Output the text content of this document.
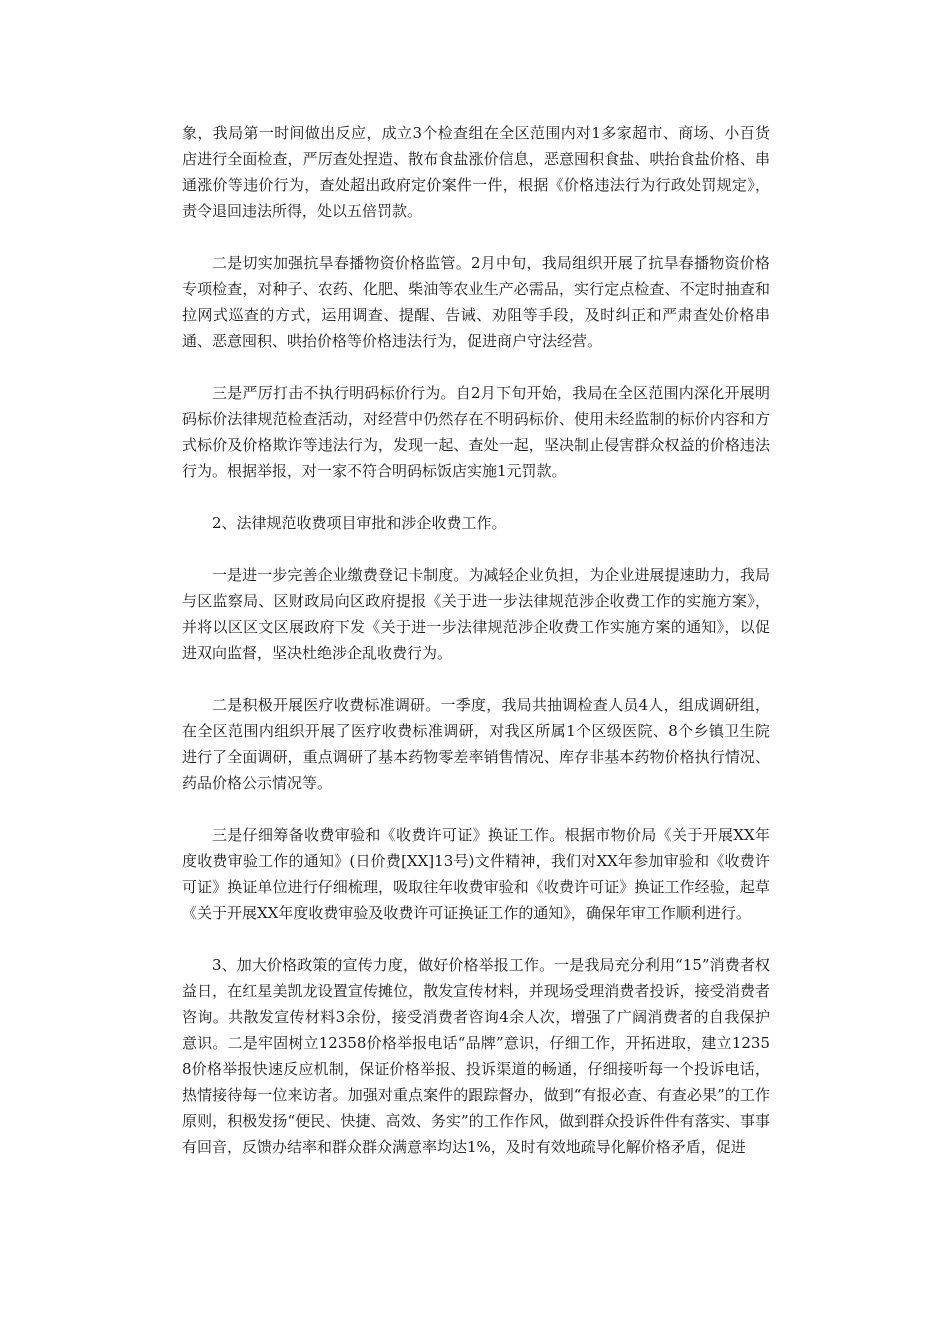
象，我局第一时间做出反应，成立3个检查组在全区范围内对1多家超市、商场、小百货店进行全面检查，严厉查处捏造、散布食盐涨价信息，恶意囤积食盐、哄抬食盐价格、串通涨价等违价行为，查处超出政府定价案件一件，根据《价格违法行为行政处罚规定》，责令退回违法所得，处以五倍罚款。

二是切实加强抗旱春播物资价格监管。2月中旬，我局组织开展了抗旱春播物资价格专项检查，对种子、农药、化肥、柴油等农业生产必需品，实行定点检查、不定时抽查和拉网式巡查的方式，运用调查、提醒、告诫、劝阻等手段，及时纠正和严肃查处价格串通、恶意囤积、哄抬价格等价格违法行为，促进商户守法经营。

三是严厉打击不执行明码标价行为。自2月下旬开始，我局在全区范围内深化开展明码标价法律规范检查活动，对经营中仍然存在不明码标价、使用未经监制的标价内容和方式标价及价格欺诈等违法行为，发现一起、查处一起，坚决制止侵害群众权益的价格违法行为。根据举报，对一家不符合明码标饭店实施1元罚款。

2、法律规范收费项目审批和涉企收费工作。

一是进一步完善企业缴费登记卡制度。为减轻企业负担，为企业进展提速助力，我局与区监察局、区财政局向区政府提报《关于进一步法律规范涉企收费工作的实施方案》，并将以区区文区展政府下发《关于进一步法律规范涉企收费工作实施方案的通知》，以促进双向监督，坚决杜绝涉企乱收费行为。

二是积极开展医疗收费标准调研。一季度，我局共抽调检查人员4人，组成调研组，在全区范围内组织开展了医疗收费标准调研，对我区所属1个区级医院、8个乡镇卫生院进行了全面调研，重点调研了基本药物零差率销售情况、库存非基本药物价格执行情况、药品价格公示情况等。

三是仔细筹备收费审验和《收费许可证》换证工作。根据市物价局《关于开展XX年度收费审验工作的通知》(日价费[XX]13号)文件精神，我们对XX年参加审验和《收费许可证》换证单位进行仔细梳理，吸取往年收费审验和《收费许可证》换证工作经验，起草《关于开展XX年度收费审验及收费许可证换证工作的通知》，确保年审工作顺利进行。

3、加大价格政策的宣传力度，做好价格举报工作。一是我局充分利用“15”消费者权益日，在红星美凯龙设置宣传摊位，散发宣传材料，并现场受理消费者投诉，接受消费者咨询。共散发宣传材料3余份，接受消费者咨询4余人次，增强了广阔消费者的自我保护意识。二是牢固树立12358价格举报电话“品牌”意识，仔细工作，开拓进取，建立12358价格举报快速反应机制，保证价格举报、投诉渠道的畅通，仔细接听每一个投诉电话，热情接待每一位来访者。加强对重点案件的跟踪督办，做到“有报必查、有查必果”的工作原则，积极发扬“便民、快捷、高效、务实”的工作作风，做到群众投诉件件有落实、事事有回音，反馈办结率和群众群众满意率均达1%，及时有效地疏导化解价格矛盾，促进
